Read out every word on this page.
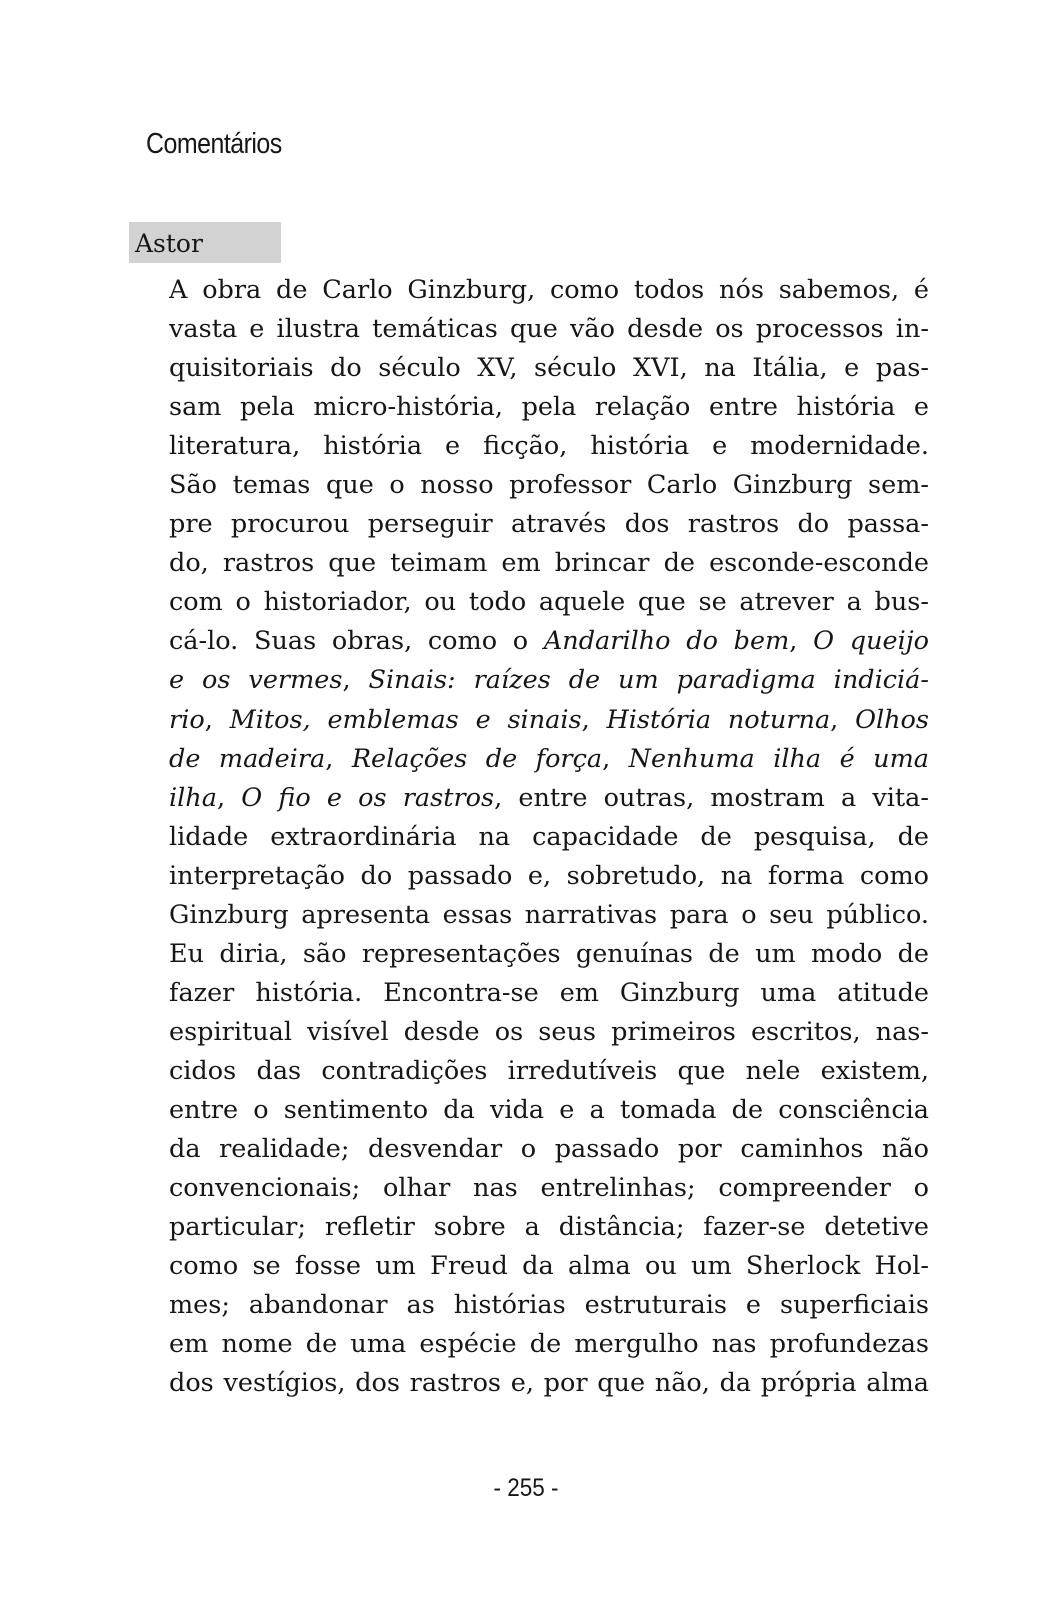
Comentários
Astor
A obra de Carlo Ginzburg, como todos nós sabemos, é
vasta e ilustra temáticas que vão desde os processos in-
quisitoriais do século XV, século XVI, na Itália, e pas-
sam pela micro-história, pela relação entre história e
literatura, história e ficção, história e modernidade.
São temas que o nosso professor Carlo Ginzburg sem-
pre procurou perseguir através dos rastros do passa-
do, rastros que teimam em brincar de esconde-esconde
com o historiador, ou todo aquele que se atrever a bus-
cá-lo. Suas obras, como o Andarilho do bem, O queijo
e os vermes, Sinais: raízes de um paradigma indiciá-
rio, Mitos, emblemas e sinais, História noturna, Olhos
de madeira, Relações de força, Nenhuma ilha é uma
ilha, O fio e os rastros, entre outras, mostram a vita-
lidade extraordinária na capacidade de pesquisa, de
interpretação do passado e, sobretudo, na forma como
Ginzburg apresenta essas narrativas para o seu público.
Eu diria, são representações genuínas de um modo de
fazer história. Encontra-se em Ginzburg uma atitude
espiritual visível desde os seus primeiros escritos, nas-
cidos das contradições irredutíveis que nele existem,
entre o sentimento da vida e a tomada de consciência
da realidade; desvendar o passado por caminhos não
convencionais; olhar nas entrelinhas; compreender o
particular; refletir sobre a distância; fazer-se detetive
como se fosse um Freud da alma ou um Sherlock Hol-
mes; abandonar as histórias estruturais e superficiais
em nome de uma espécie de mergulho nas profundezas
dos vestígios, dos rastros e, por que não, da própria alma
- 255 -
